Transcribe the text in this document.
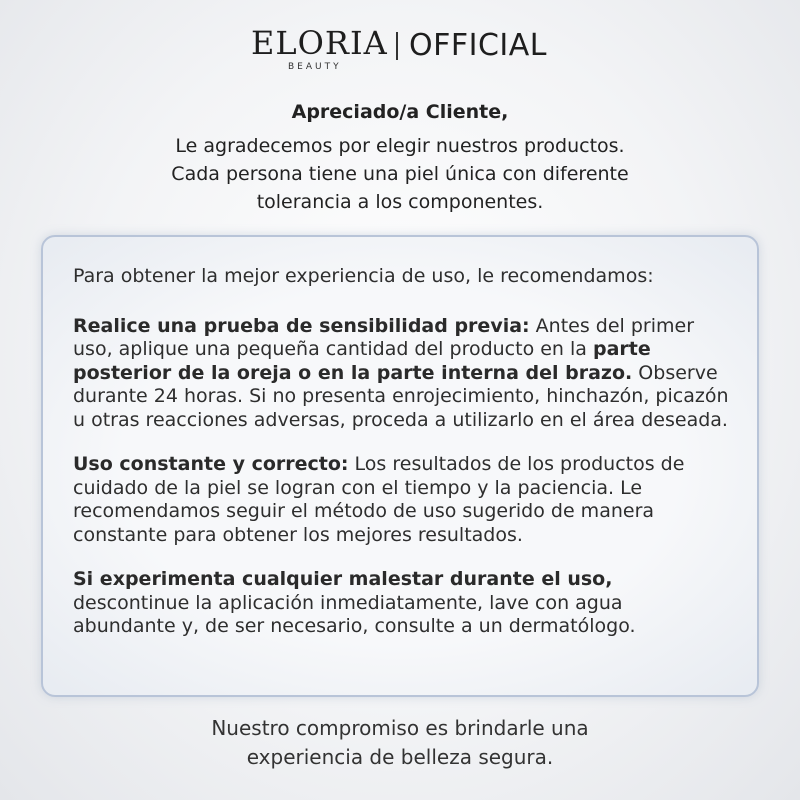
ELORIA
BEAUTY
OFFICIAL
Apreciado/a Cliente,
Le agradecemos por elegir nuestros productos.
Cada persona tiene una piel única con diferente
tolerancia a los componentes.

Para obtener la mejor experiencia de uso, le recomendamos:

Realice una prueba de sensibilidad previa: Antes del primer uso, aplique una pequeña cantidad del producto en la parte posterior de la oreja o en la parte interna del brazo. Observe durante 24 horas. Si no presenta enrojecimiento, hinchazón, picazón u otras reacciones adversas, proceda a utilizarlo en el área deseada.

Uso constante y correcto: Los resultados de los productos de cuidado de la piel se logran con el tiempo y la paciencia. Le recomendamos seguir el método de uso sugerido de manera constante para obtener los mejores resultados.

Si experimenta cualquier malestar durante el uso,
descontinue la aplicación inmediatamente, lave con agua abundante y, de ser necesario, consulte a un dermatólogo.

Nuestro compromiso es brindarle una
experiencia de belleza segura.
